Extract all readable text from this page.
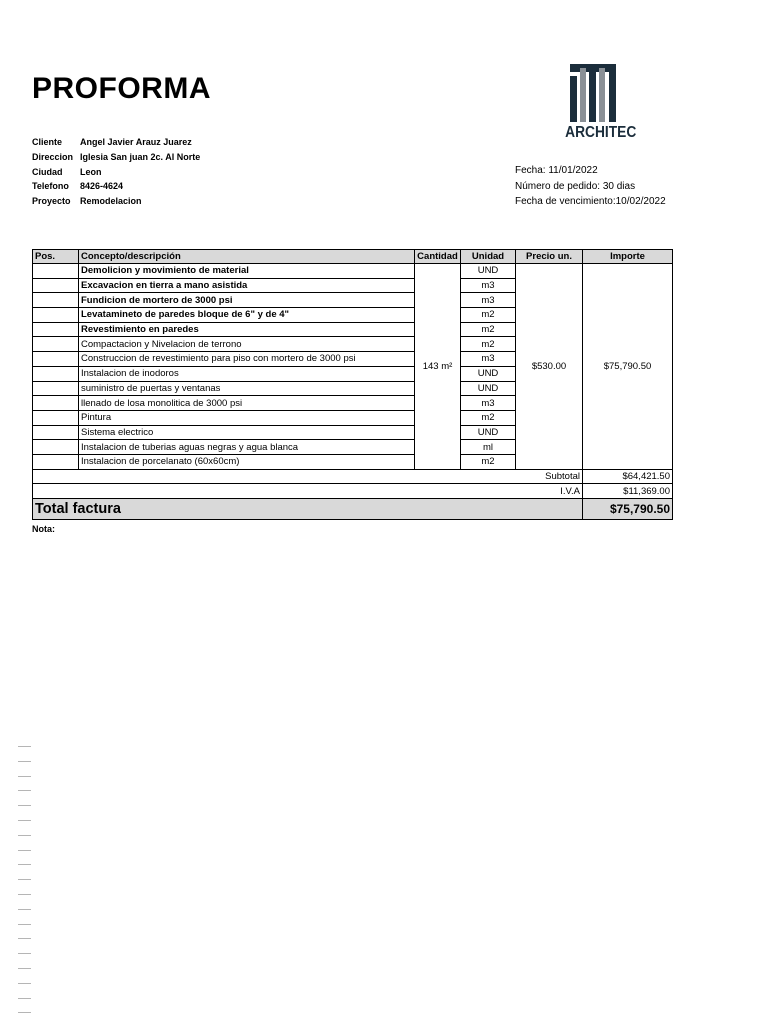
PROFORMA
ARCHITEC
Cliente	Angel Javier Arauz Juarez
Direccion Iglesia San juan 2c. Al Norte
Ciudad	Leon
Telefono	8426-4624
Proyecto	Remodelacion
Fecha: 11/01/2022
Número de pedido: 30 dias
Fecha de vencimiento:10/02/2022
Pos.	Concepto/descripción	Cantidad	Unidad	Precio un.	Importe
	Demolicion y movimiento de material	143 m²	UND	$530.00	$75,790.50
	Excavacion en tierra a mano asistida		m3		
	Fundicion de mortero de 3000 psi		m3		
	Levatamineto de paredes bloque de 6" y de 4"		m2		
	Revestimiento en paredes		m2		
	Compactacion y Nivelacion de terrono		m2		
	Construccion de revestimiento para piso con mortero de 3000 psi		m3		
	Instalacion de inodoros		UND		
	suministro de puertas y ventanas		UND		
	llenado de losa monolitica de 3000 psi		m3		
	Pintura		m2		
	Sistema electrico		UND		
	Instalacion de tuberias aguas negras y agua blanca		ml		
	Instalacion de porcelanato (60x60cm)		m2		
Subtotal					$64,421.50
I.V.A					$11,369.00
Total factura					$75,790.50
Nota:
